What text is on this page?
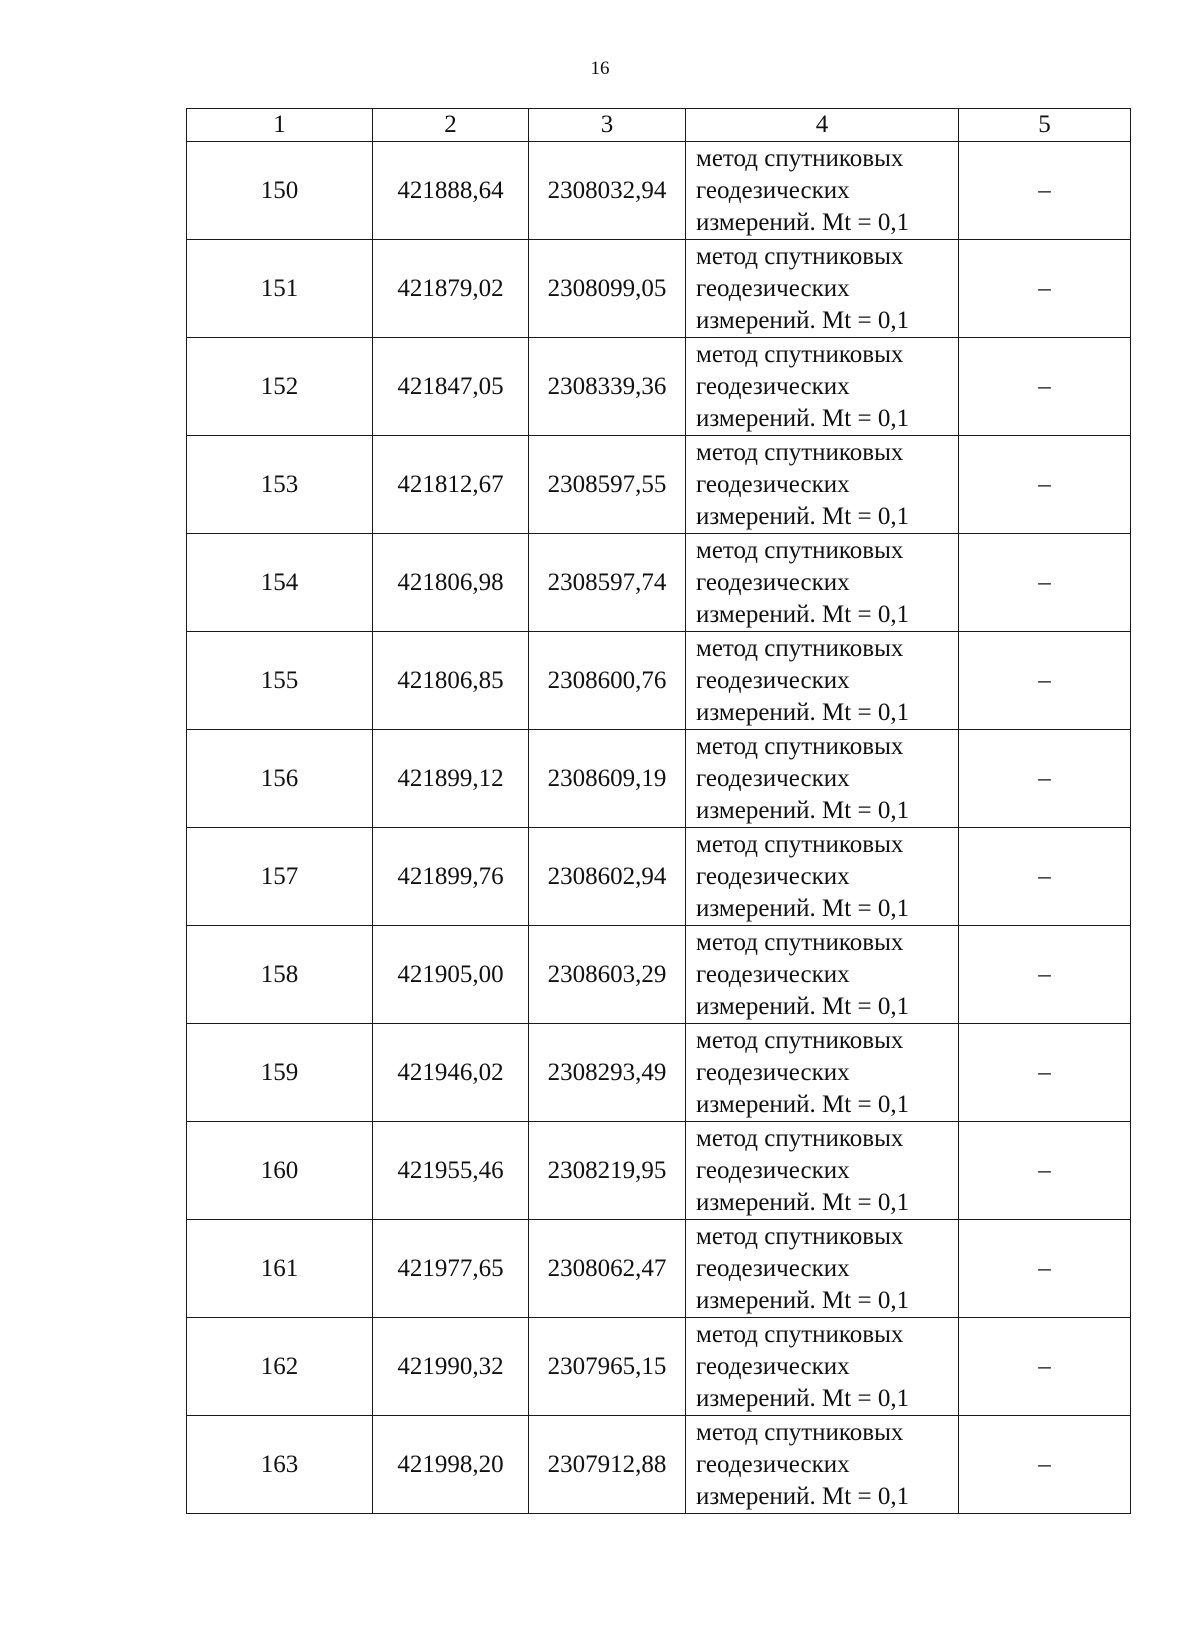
16
1	2	3	4	5
150	421888,64	2308032,94	метод спутниковых
геодезических
измерений. Mt = 0,1	–
151	421879,02	2308099,05	метод спутниковых
геодезических
измерений. Mt = 0,1	–
152	421847,05	2308339,36	метод спутниковых
геодезических
измерений. Mt = 0,1	–
153	421812,67	2308597,55	метод спутниковых
геодезических
измерений. Mt = 0,1	–
154	421806,98	2308597,74	метод спутниковых
геодезических
измерений. Mt = 0,1	–
155	421806,85	2308600,76	метод спутниковых
геодезических
измерений. Mt = 0,1	–
156	421899,12	2308609,19	метод спутниковых
геодезических
измерений. Mt = 0,1	–
157	421899,76	2308602,94	метод спутниковых
геодезических
измерений. Mt = 0,1	–
158	421905,00	2308603,29	метод спутниковых
геодезических
измерений. Mt = 0,1	–
159	421946,02	2308293,49	метод спутниковых
геодезических
измерений. Mt = 0,1	–
160	421955,46	2308219,95	метод спутниковых
геодезических
измерений. Mt = 0,1	–
161	421977,65	2308062,47	метод спутниковых
геодезических
измерений. Mt = 0,1	–
162	421990,32	2307965,15	метод спутниковых
геодезических
измерений. Mt = 0,1	–
163	421998,20	2307912,88	метод спутниковых
геодезических
измерений. Mt = 0,1	–
